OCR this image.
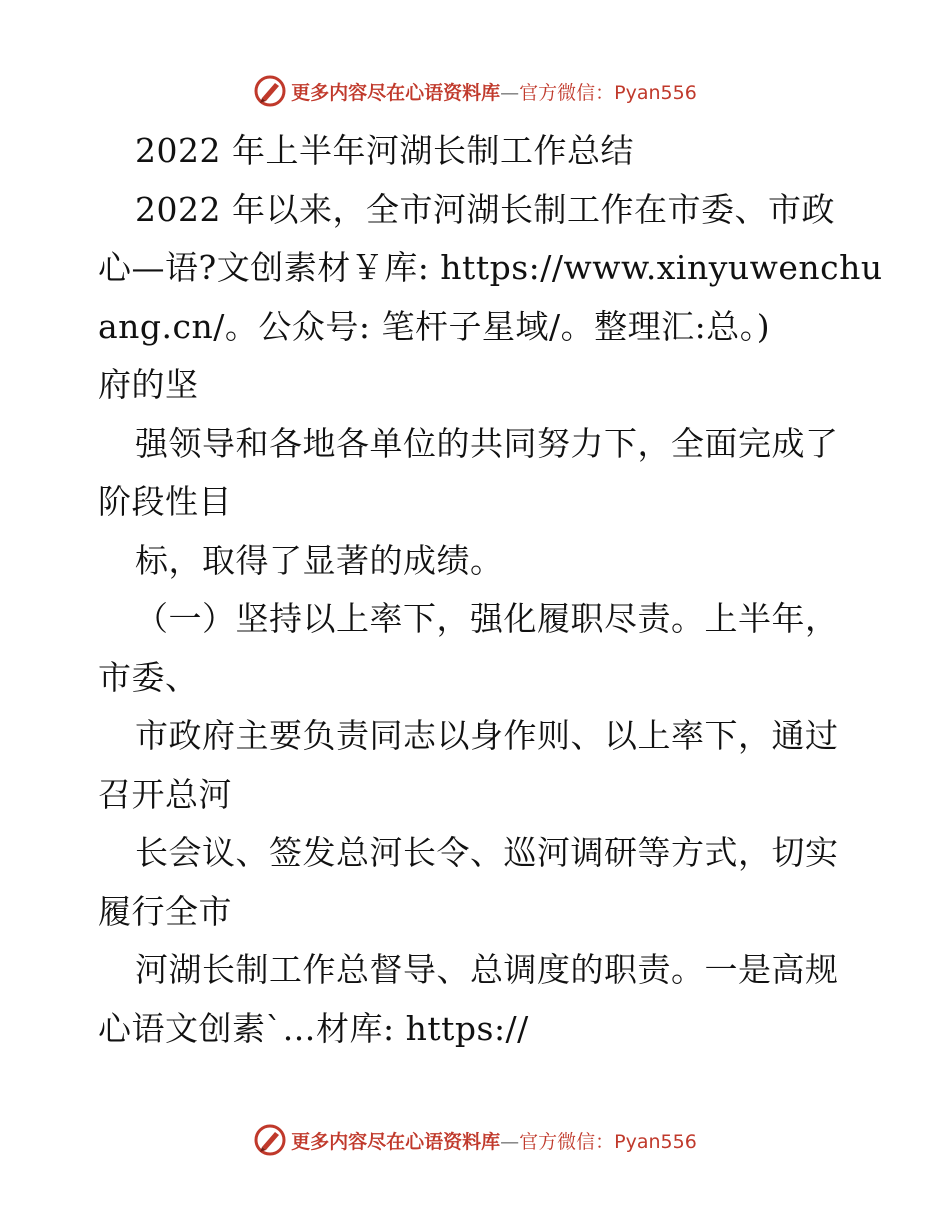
更多内容尽在心语资料库—官方微信：Pyan556
2022 年上半年河湖长制工作总结
2022 年以来，全市河湖长制工作在市委、市政
心—语?文创素材￥库: https://www.xinyuwenchu
ang.cn/。公众号: 笔杆子星域/。整理汇:总。)
府的坚
强领导和各地各单位的共同努力下，全面完成了
阶段性目
标，取得了显著的成绩。
（一）坚持以上率下，强化履职尽责。上半年，
市委、
市政府主要负责同志以身作则、以上率下，通过
召开总河
长会议、签发总河长令、巡河调研等方式，切实
履行全市
河湖长制工作总督导、总调度的职责。一是高规
心语文创素`…材库: https://
更多内容尽在心语资料库—官方微信：Pyan556
